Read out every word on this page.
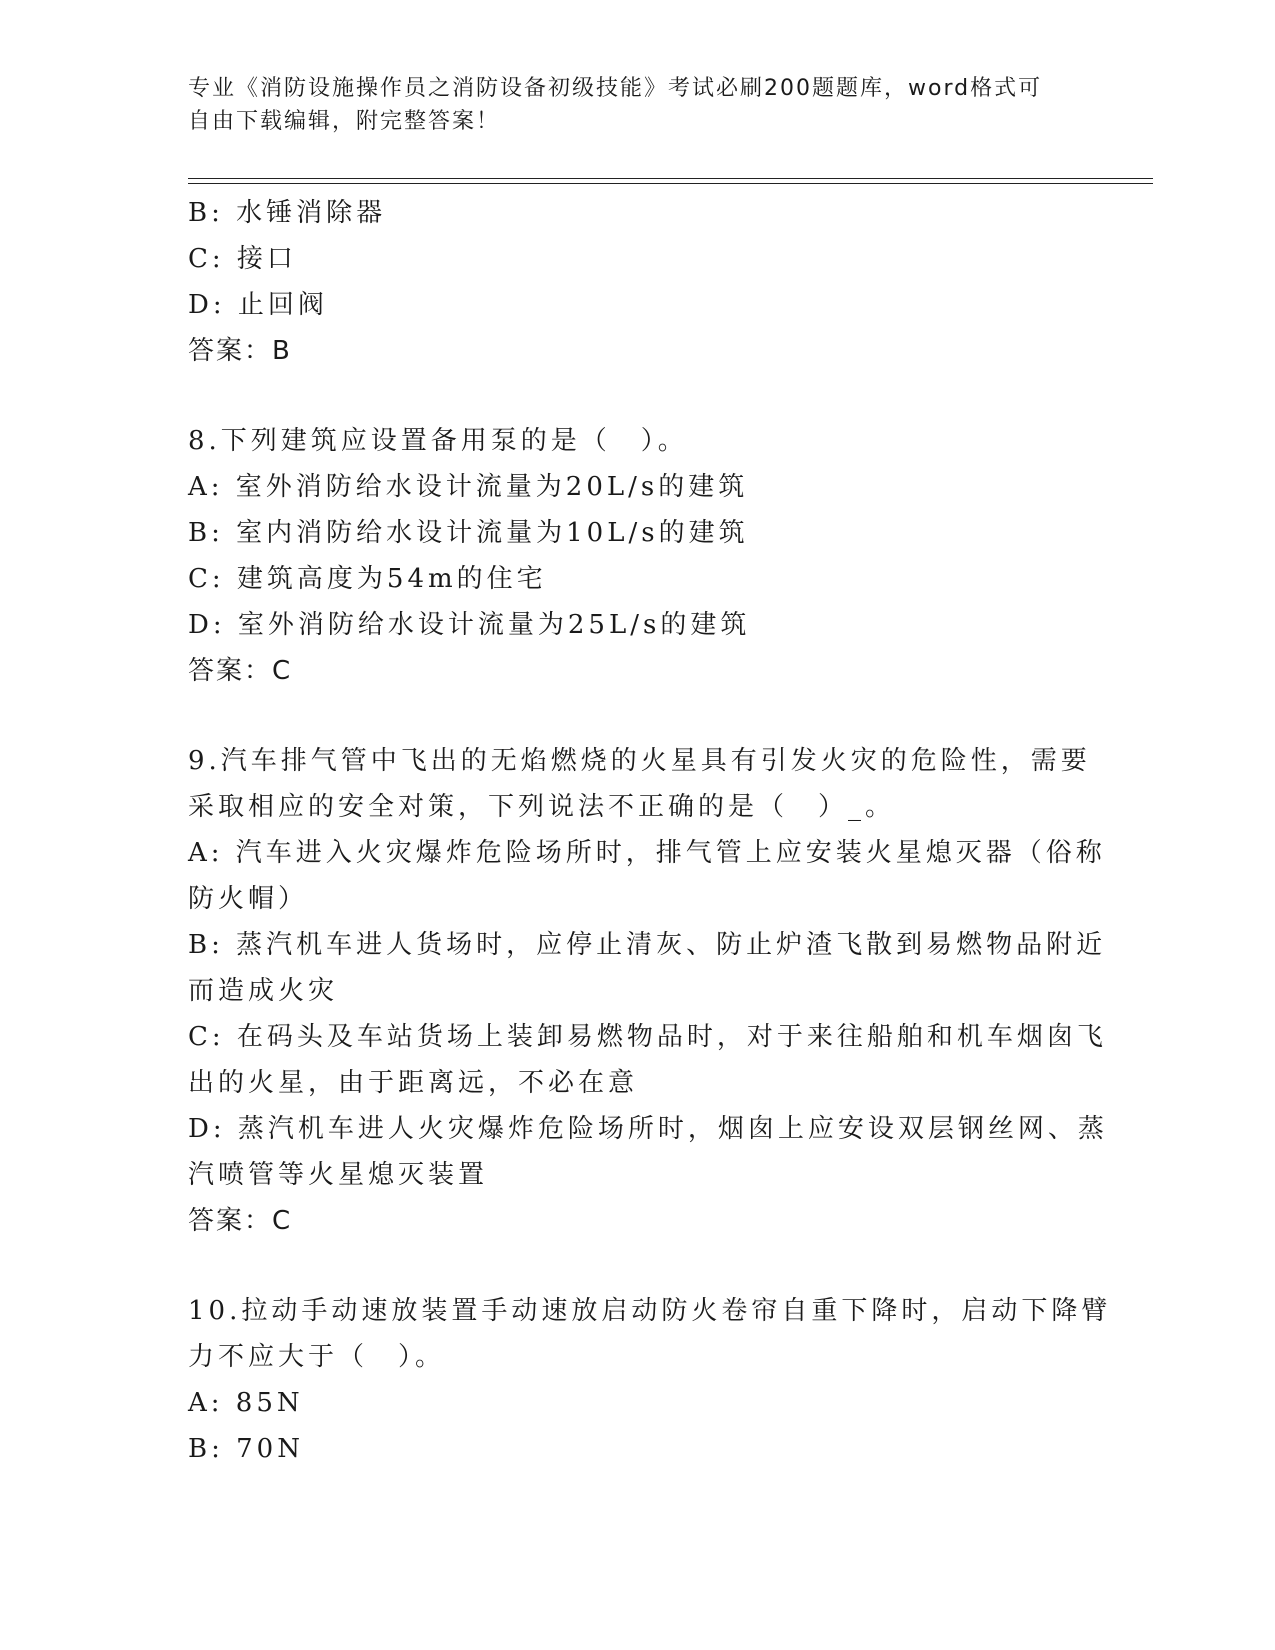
专业《消防设施操作员之消防设备初级技能》考试必刷200题题库，word格式可
自由下载编辑，附完整答案！
B: 水锤消除器
C: 接口
D: 止回阀
答案：B
8.下列建筑应设置备用泵的是（　）。
A: 室外消防给水设计流量为20L/s的建筑
B: 室内消防给水设计流量为10L/s的建筑
C: 建筑高度为54m的住宅
D: 室外消防给水设计流量为25L/s的建筑
答案：C
9.汽车排气管中飞出的无焰燃烧的火星具有引发火灾的危险性，需要
采取相应的安全对策，下列说法不正确的是（　）_。
A: 汽车进入火灾爆炸危险场所时，排气管上应安装火星熄灭器（俗称
防火帽）
B: 蒸汽机车进人货场时，应停止清灰、防止炉渣飞散到易燃物品附近
而造成火灾
C: 在码头及车站货场上装卸易燃物品时，对于来往船舶和机车烟囱飞
出的火星，由于距离远，不必在意
D: 蒸汽机车进人火灾爆炸危险场所时，烟囱上应安设双层钢丝网、蒸
汽喷管等火星熄灭装置
答案：C
10.拉动手动速放装置手动速放启动防火卷帘自重下降时，启动下降臂
力不应大于（　）。
A: 85N
B: 70N
